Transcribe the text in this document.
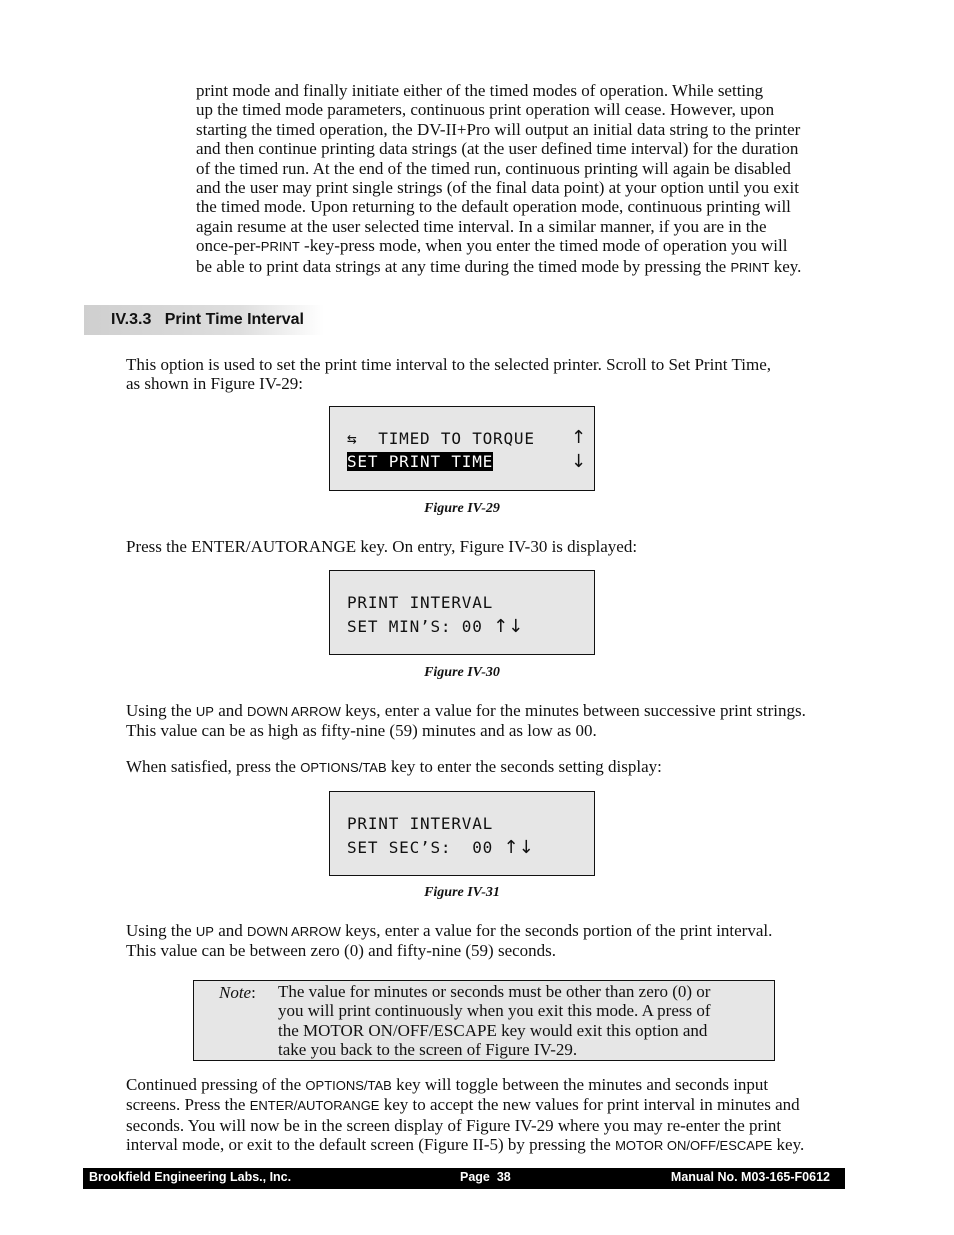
print mode and finally initiate either of the timed modes of operation. While setting
up the timed mode parameters, continuous print operation will cease. However, upon
starting the timed operation, the DV-II+Pro will output an initial data string to the printer
and then continue printing data strings (at the user defined time interval) for the duration
of the timed run. At the end of the timed run, continuous printing will again be disabled
and the user may print single strings (of the final data point) at your option until you exit
the timed mode. Upon returning to the default operation mode, continuous printing will
again resume at the user selected time interval. In a similar manner, if you are in the
once-per-PRINT -key-press mode, when you enter the timed mode of operation you will
be able to print data strings at any time during the timed mode by pressing the PRINT key.
IV.3.3 Print Time Interval
This option is used to set the print time interval to the selected printer. Scroll to Set Print Time,
as shown in Figure IV-29:
⇆  TIMED TO TORQUE
SET PRINT TIME
↑
↓
Figure IV-29
Press the ENTER/AUTORANGE key. On entry, Figure IV-30 is displayed:
PRINT INTERVAL
SET MIN’S: 00 ↑↓
Figure IV-30
Using the UP and DOWN ARROW keys, enter a value for the minutes between successive print strings.
This value can be as high as fifty-nine (59) minutes and as low as 00.
When satisfied, press the OPTIONS/TAB key to enter the seconds setting display:
PRINT INTERVAL
SET SEC’S:  00 ↑↓
Figure IV-31
Using the UP and DOWN ARROW keys, enter a value for the seconds portion of the print interval.
This value can be between zero (0) and fifty-nine (59) seconds.
Note: The value for minutes or seconds must be other than zero (0) or
you will print continuously when you exit this mode. A press of
the MOTOR ON/OFF/ESCAPE key would exit this option and
take you back to the screen of Figure IV-29.
Continued pressing of the OPTIONS/TAB key will toggle between the minutes and seconds input
screens. Press the ENTER/AUTORANGE key to accept the new values for print interval in minutes and
seconds. You will now be in the screen display of Figure IV-29 where you may re-enter the print
interval mode, or exit to the default screen (Figure II-5) by pressing the MOTOR ON/OFF/ESCAPE key.
Brookfield Engineering Labs., Inc.	Page  38	Manual No. M03-165-F0612
